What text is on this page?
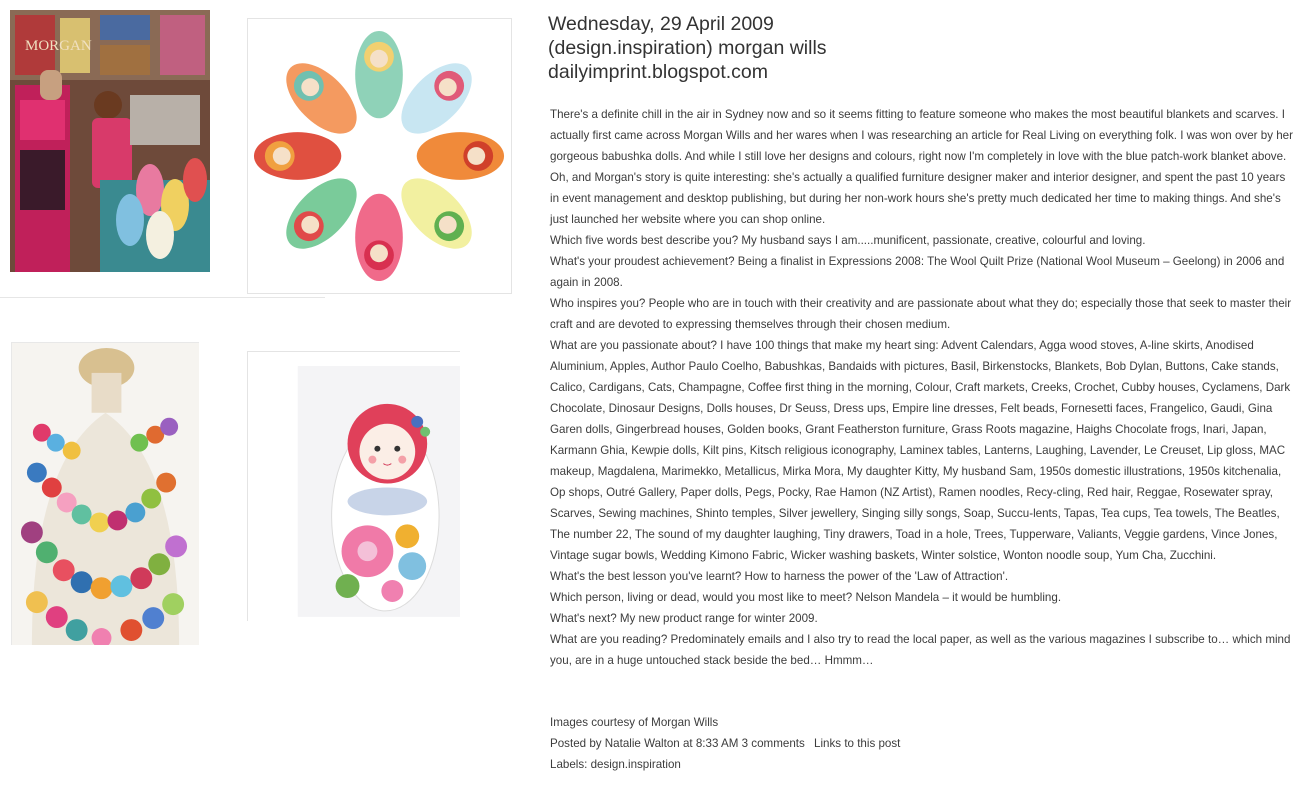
MORGAN

Wednesday, 29 April 2009

(design.inspiration) morgan wills

dailyimprint.blogspot.com

There's a definite chill in the air in Sydney now and so it seems fitting to feature someone who makes the most beautiful blankets and scarves. I actually first came across Morgan Wills and her wares when I was researching an article for Real Living on everything folk. I was won over by her gorgeous babushka dolls. And while I still love her designs and colours, right now I'm completely in love with the blue patch-work blanket above. Oh, and Morgan's story is quite interesting: she's actually a qualified furniture designer maker and interior designer, and spent the past 10 years in event management and desktop publishing, but during her non-work hours she's pretty much dedicated her time to making things. And she's just launched her website where you can shop online.

Which five words best describe you? My husband says I am.....munificent, passionate, creative, colourful and loving.

What's your proudest achievement? Being a finalist in Expressions 2008: The Wool Quilt Prize (National Wool Museum – Geelong) in 2006 and again in 2008.

Who inspires you? People who are in touch with their creativity and are passionate about what they do; especially those that seek to master their craft and are devoted to expressing themselves through their chosen medium.

What are you passionate about? I have 100 things that make my heart sing: Advent Calendars, Agga wood stoves, A-line skirts, Anodised Aluminium, Apples, Author Paulo Coelho, Babushkas, Bandaids with pictures, Basil, Birkenstocks, Blankets, Bob Dylan, Buttons, Cake stands, Calico, Cardigans, Cats, Champagne, Coffee first thing in the morning, Colour, Craft markets, Creeks, Crochet, Cubby houses, Cyclamens, Dark Chocolate, Dinosaur Designs, Dolls houses, Dr Seuss, Dress ups, Empire line dresses, Felt beads, Fornesetti faces, Frangelico, Gaudi, Gina Garen dolls, Gingerbread houses, Golden books, Grant Featherston furniture, Grass Roots magazine, Haighs Chocolate frogs, Inari, Japan, Karmann Ghia, Kewpie dolls, Kilt pins, Kitsch religious iconography, Laminex tables, Lanterns, Laughing, Lavender, Le Creuset, Lip gloss, MAC makeup, Magdalena, Marimekko, Metallicus, Mirka Mora, My daughter Kitty, My husband Sam, 1950s domestic illustrations, 1950s kitchenalia, Op shops, Outré Gallery, Paper dolls, Pegs, Pocky, Rae Hamon (NZ Artist), Ramen noodles, Recy-cling, Red hair, Reggae, Rosewater spray, Scarves, Sewing machines, Shinto temples, Silver jewellery, Singing silly songs, Soap, Succu-lents, Tapas, Tea cups, Tea towels, The Beatles, The number 22, The sound of my daughter laughing, Tiny drawers, Toad in a hole, Trees, Tupperware, Valiants, Veggie gardens, Vince Jones, Vintage sugar bowls, Wedding Kimono Fabric, Wicker washing baskets, Winter solstice, Wonton noodle soup, Yum Cha, Zucchini.

What's the best lesson you've learnt? How to harness the power of the 'Law of Attraction'.

Which person, living or dead, would you most like to meet? Nelson Mandela – it would be humbling.

What's next? My new product range for winter 2009.

What are you reading? Predominately emails and I also try to read the local paper, as well as the various magazines I subscribe to… which mind you, are in a huge untouched stack beside the bed… Hmmm…

Images courtesy of Morgan Wills

Posted by Natalie Walton at 8:33 AM 3 comments Links to this post

Labels: design.inspiration
